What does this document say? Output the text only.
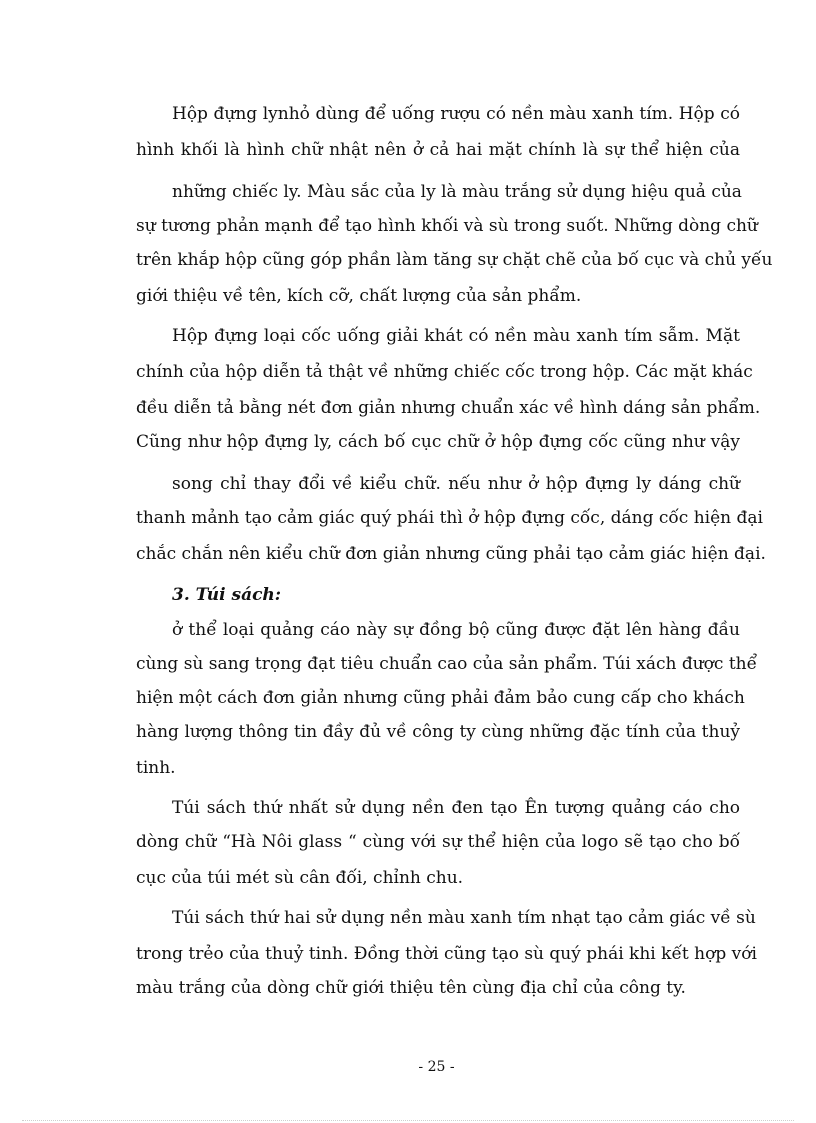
Hộp đựng lynhỏ dùng để uống rượu có nền màu xanh tím. Hộp có
hình khối là hình chữ nhật nên ở cả hai mặt chính là sự thể hiện của
những chiếc ly. Màu sắc của ly là màu trắng sử dụng hiệu quả của
sự tương phản mạnh để tạo hình khối và sù trong suốt. Những dòng chữ
trên khắp hộp cũng góp phần làm tăng sự chặt chẽ của bố cục và chủ yếu
giới thiệu về tên, kích cỡ, chất lượng của sản phẩm.
Hộp đựng loại cốc uống giải khát có nền màu xanh tím sẫm. Mặt
chính của hộp diễn tả thật về những chiếc cốc trong hộp. Các mặt khác
đều diễn tả bằng nét đơn giản nhưng chuẩn xác về hình dáng sản phẩm.
Cũng như hộp đựng ly, cách bố cục chữ ở hộp đựng cốc cũng như vậy
song chỉ thay đổi về kiểu chữ. nếu như ở hộp đựng ly dáng chữ
thanh mảnh tạo cảm giác quý phái thì ở hộp đựng cốc, dáng cốc hiện đại
chắc chắn nên kiểu chữ đơn giản nhưng cũng phải tạo cảm giác hiện đại.
3. Túi sách:
ở thể loại quảng cáo này sự đồng bộ cũng được đặt lên hàng đầu
cùng sù sang trọng đạt tiêu chuẩn cao của sản phẩm. Túi xách được thể
hiện một cách đơn giản nhưng cũng phải đảm bảo cung cấp cho khách
hàng lượng thông tin đầy đủ về công ty cùng những đặc tính của thuỷ
tinh.
Túi sách thứ nhất sử dụng nền đen tạo Ên tượng quảng cáo cho
dòng chữ “Hà Nôi glass “ cùng với sự thể hiện của logo sẽ tạo cho bố
cục của túi mét sù cân đối, chỉnh chu.
Túi sách thứ hai sử dụng nền màu xanh tím nhạt tạo cảm giác về sù
trong trẻo của thuỷ tinh. Đồng thời cũng tạo sù quý phái khi kết hợp với
màu trắng của dòng chữ giới thiệu tên cùng địa chỉ của công ty.
- 25 -
